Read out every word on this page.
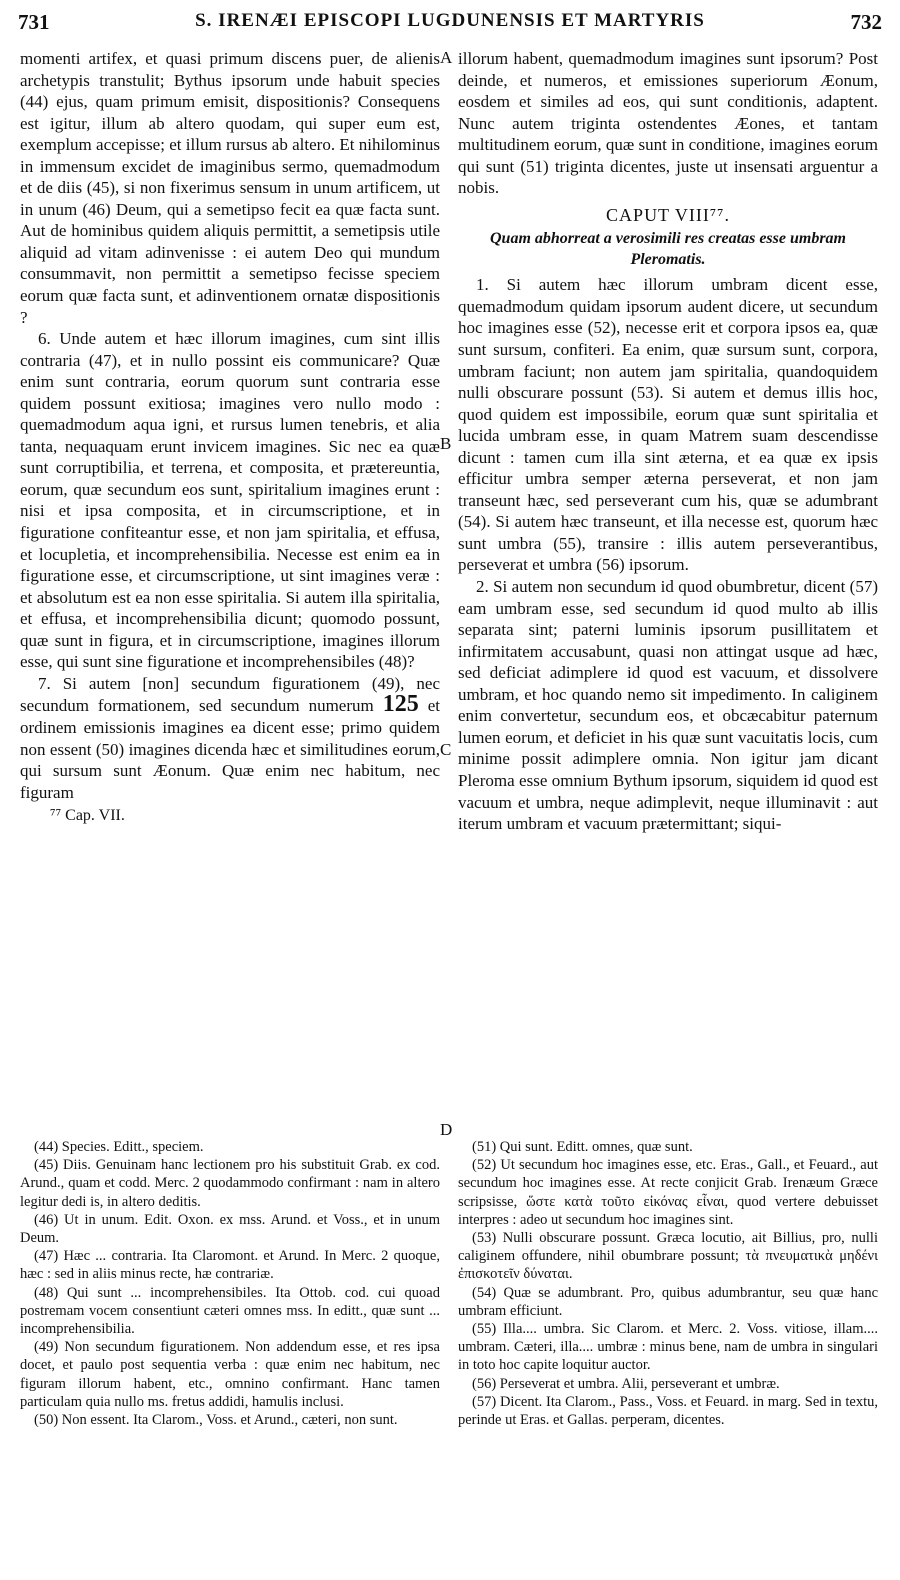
731	S. IRENÆI EPISCOPI LUGDUNENSIS ET MARTYRIS	732
A
B
C
D

momenti artifex, et quasi primum discens puer, de alienis archetypis transtulit; Bythus ipsorum unde habuit species (44) ejus, quam primum emisit, dispositionis? Consequens est igitur, illum ab altero quodam, qui super eum est, exemplum accepisse; et illum rursus ab altero. Et nihilominus in immensum excidet de imaginibus sermo, quemadmodum et de diis (45), si non fixerimus sensum in unum artificem, ut in unum (46) Deum, qui a semetipso fecit ea quæ facta sunt. Aut de hominibus quidem aliquis permittit, a semetipsis utile aliquid ad vitam adinvenisse : ei autem Deo qui mundum consummavit, non permittit a semetipso fecisse speciem eorum quæ facta sunt, et adinventionem ornatæ dispositionis ?

6. Unde autem et hæc illorum imagines, cum sint illis contraria (47), et in nullo possint eis communicare? Quæ enim sunt contraria, eorum quorum sunt contraria esse quidem possunt exitiosa; imagines vero nullo modo : quemadmodum aqua igni, et rursus lumen tenebris, et alia tanta, nequaquam erunt invicem imagines. Sic nec ea quæ sunt corruptibilia, et terrena, et composita, et prætereuntia, eorum, quæ secundum eos sunt, spiritalium imagines erunt : nisi et ipsa composita, et in circumscriptione, et in figuratione confiteantur esse, et non jam spiritalia, et effusa, et locupletia, et incomprehensibilia. Necesse est enim ea in figuratione esse, et circumscriptione, ut sint imagines veræ : et absolutum est ea non esse spiritalia. Si autem illa spiritalia, et effusa, et incomprehensibilia dicunt; quomodo possunt, quæ sunt in figura, et in circumscriptione, imagines illorum esse, qui sunt sine figuratione et incomprehensibiles (48)?

7. Si autem [non] secundum figurationem (49), nec secundum formationem, sed secundum numerum 125 et ordinem emissionis imagines ea dicent esse; primo quidem non essent (50) imagines dicenda hæc et similitudines eorum, qui sursum sunt Æonum. Quæ enim nec habitum, nec figuram

⁷⁷ Cap. VII.

illorum habent, quemadmodum imagines sunt ipsorum? Post deinde, et numeros, et emissiones superiorum Æonum, eosdem et similes ad eos, qui sunt conditionis, adaptent. Nunc autem triginta ostendentes Æones, et tantam multitudinem eorum, quæ sunt in conditione, imagines eorum qui sunt (51) triginta dicentes, juste ut insensati arguentur a nobis.

CAPUT VIII⁷⁷.
Quam abhorreat a verosimili res creatas esse umbram Pleromatis.

1. Si autem hæc illorum umbram dicent esse, quemadmodum quidam ipsorum audent dicere, ut secundum hoc imagines esse (52), necesse erit et corpora ipsos ea, quæ sunt sursum, confiteri. Ea enim, quæ sursum sunt, corpora, umbram faciunt; non autem jam spiritalia, quandoquidem nulli obscurare possunt (53). Si autem et demus illis hoc, quod quidem est impossibile, eorum quæ sunt spiritalia et lucida umbram esse, in quam Matrem suam descendisse dicunt : tamen cum illa sint æterna, et ea quæ ex ipsis efficitur umbra semper æterna perseverat, et non jam transeunt hæc, sed perseverant cum his, quæ se adumbrant (54). Si autem hæc transeunt, et illa necesse est, quorum hæc sunt umbra (55), transire : illis autem perseverantibus, perseverat et umbra (56) ipsorum.

2. Si autem non secundum id quod obumbretur, dicent (57) eam umbram esse, sed secundum id quod multo ab illis separata sint; paterni luminis ipsorum pusillitatem et infirmitatem accusabunt, quasi non attingat usque ad hæc, sed deficiat adimplere id quod est vacuum, et dissolvere umbram, et hoc quando nemo sit impedimento. In caliginem enim convertetur, secundum eos, et obcæcabitur paternum lumen eorum, et deficiet in his quæ sunt vacuitatis locis, cum minime possit adimplere omnia. Non igitur jam dicant Pleroma esse omnium Bythum ipsorum, siquidem id quod est vacuum et umbra, neque adimplevit, neque illuminavit : aut iterum umbram et vacuum prætermittant; siqui-

(44) Species. Editt., speciem.

(45) Diis. Genuinam hanc lectionem pro his substituit Grab. ex cod. Arund., quam et codd. Merc. 2 quodammodo confirmant : nam in altero legitur dedi is, in altero deditis.

(46) Ut in unum. Edit. Oxon. ex mss. Arund. et Voss., et in unum Deum.

(47) Hæc ... contraria. Ita Claromont. et Arund. In Merc. 2 quoque, hæc : sed in aliis minus recte, hæ contrariæ.

(48) Qui sunt ... incomprehensibiles. Ita Ottob. cod. cui quoad postremam vocem consentiunt cæteri omnes mss. In editt., quæ sunt ... incomprehensibilia.

(49) Non secundum figurationem. Non addendum esse, et res ipsa docet, et paulo post sequentia verba : quæ enim nec habitum, nec figuram illorum habent, etc., omnino confirmant. Hanc tamen particulam quia nullo ms. fretus addidi, hamulis inclusi.

(50) Non essent. Ita Clarom., Voss. et Arund., cæteri, non sunt.

(51) Qui sunt. Editt. omnes, quæ sunt.

(52) Ut secundum hoc imagines esse, etc. Eras., Gall., et Feuard., aut secundum hoc imagines esse. At recte conjicit Grab. Irenæum Græce scripsisse, ὥστε κατὰ τοῦτο εἰκόνας εἶναι, quod vertere debuisset interpres : adeo ut secundum hoc imagines sint.

(53) Nulli obscurare possunt. Græca locutio, ait Billius, pro, nulli caliginem offundere, nihil obumbrare possunt; τὰ πνευματικὰ μηδένι ἐπισκοτεῖν δύναται.

(54) Quæ se adumbrant. Pro, quibus adumbrantur, seu quæ hanc umbram efficiunt.

(55) Illa.... umbra. Sic Clarom. et Merc. 2. Voss. vitiose, illam.... umbram. Cæteri, illa.... umbræ : minus bene, nam de umbra in singulari in toto hoc capite loquitur auctor.

(56) Perseverat et umbra. Alii, perseverant et umbræ.

(57) Dicent. Ita Clarom., Pass., Voss. et Feuard. in marg. Sed in textu, perinde ut Eras. et Gallas. perperam, dicentes.
